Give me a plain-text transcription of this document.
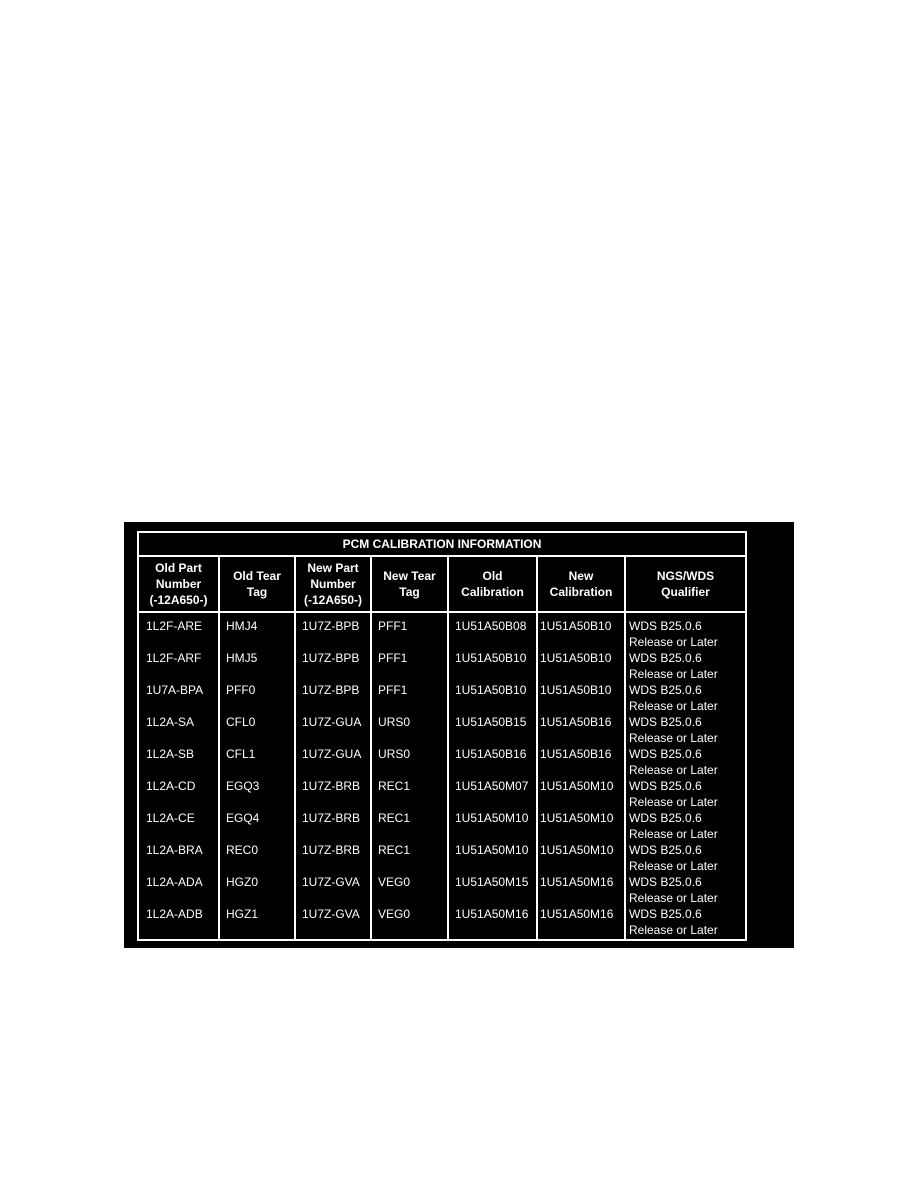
PCM CALIBRATION INFORMATION
Old Part
Number
(-12A650-)
Old Tear
Tag
New Part
Number
(-12A650-)
New Tear
Tag
Old
Calibration
New
Calibration
NGS/WDS
Qualifier
1L2F-ARE
1L2F-ARF
1U7A-BPA
1L2A-SA
1L2A-SB
1L2A-CD
1L2A-CE
1L2A-BRA
1L2A-ADA
1L2A-ADB
HMJ4
HMJ5
PFF0
CFL0
CFL1
EGQ3
EGQ4
REC0
HGZ0
HGZ1
1U7Z-BPB
1U7Z-BPB
1U7Z-BPB
1U7Z-GUA
1U7Z-GUA
1U7Z-BRB
1U7Z-BRB
1U7Z-BRB
1U7Z-GVA
1U7Z-GVA
PFF1
PFF1
PFF1
URS0
URS0
REC1
REC1
REC1
VEG0
VEG0
1U51A50B08
1U51A50B10
1U51A50B10
1U51A50B15
1U51A50B16
1U51A50M07
1U51A50M10
1U51A50M10
1U51A50M15
1U51A50M16
1U51A50B10
1U51A50B10
1U51A50B10
1U51A50B16
1U51A50B16
1U51A50M10
1U51A50M10
1U51A50M10
1U51A50M16
1U51A50M16
WDS B25.0.6
Release or Later
WDS B25.0.6
Release or Later
WDS B25.0.6
Release or Later
WDS B25.0.6
Release or Later
WDS B25.0.6
Release or Later
WDS B25.0.6
Release or Later
WDS B25.0.6
Release or Later
WDS B25.0.6
Release or Later
WDS B25.0.6
Release or Later
WDS B25.0.6
Release or Later
